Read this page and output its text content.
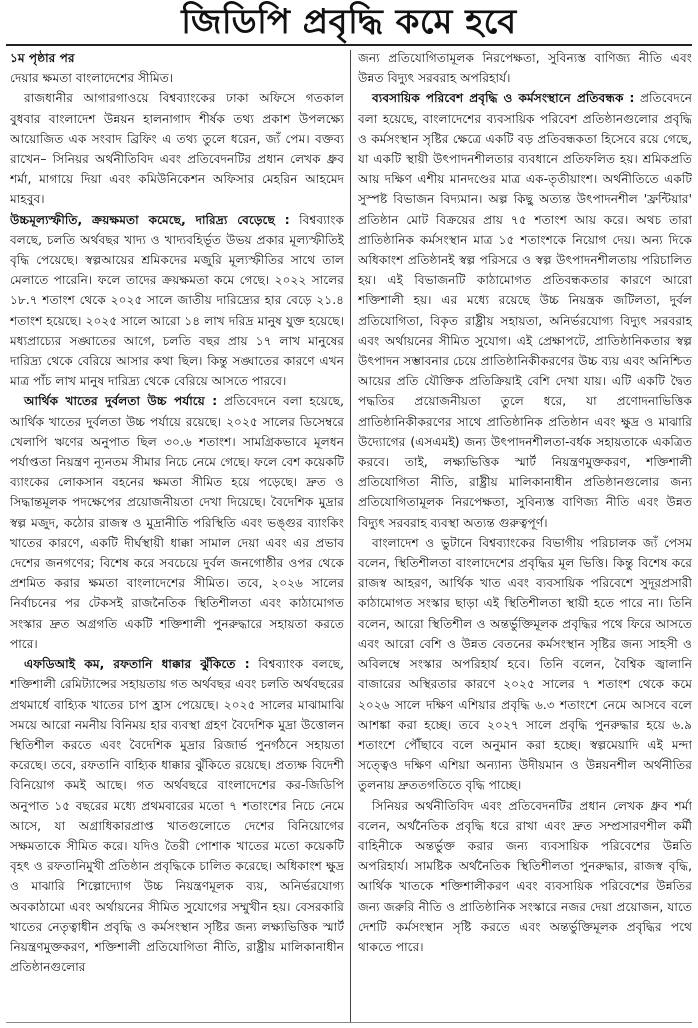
জিডিপি প্রবৃদ্ধি কমে হবে

১ম পৃষ্ঠার পর
দেয়ার ক্ষমতা বাংলাদেশের সীমিত।

রাজধানীর আগারগাওয়ে বিশ্বব্যাংকের ঢাকা অফিসে গতকাল বুধবার বাংলাদেশ উন্নয়ন হালনাগাদ শীর্ষক তথ্য প্রকাশ উপলক্ষ্যে আয়োজিত এক সংবাদ ব্রিফিং এ তথ্য তুলে ধরেন, জ্যঁ পেম। বক্তব্য রাখেন– সিনিয়র অর্থনীতিবিদ এবং প্রতিবেদনটির প্রধান লেখক ধ্রুব শর্মা, মাগায়ে দিয়া এবং কমিউনিকেশন অফিসার মেহরিন আহমেদ মাহবুব।

উচ্চমূল্যস্ফীতি, ক্রয়ক্ষমতা কমেছে, দারিদ্র্য বেড়েছে : বিশ্বব্যাংক বলছে, চলতি অর্থবছর খাদ্য ও খাদ্যবহির্ভূত উভয় প্রকার মূল্যস্ফীতিই বৃদ্ধি পেয়েছে। স্বল্পআয়ের শ্রমিকদের মজুরি মূল্যস্ফীতির সাথে তাল মেলাতে পারেনি। ফলে তাদের ক্রয়ক্ষমতা কমে গেছে। ২০২২ সালের ১৮.৭ শতাংশ থেকে ২০২৫ সালে জাতীয় দারিদ্র্যের হার বেড়ে ২১.৪ শতাংশ হয়েছে। ২০২৫ সালে আরো ১৪ লাখ দরিদ্র মানুষ যুক্ত হয়েছে। মধ্যপ্রাচ্যের সঙ্ঘাতের আগে, চলতি বছর প্রায় ১৭ লাখ মানুষের দারিদ্র্য থেকে বেরিয়ে আসার কথা ছিল। কিন্তু সঙ্ঘাতের কারণে এখন মাত্র পাঁচ লাখ মানুষ দারিদ্র্য থেকে বেরিয়ে আসতে পারবে।

আর্থিক খাতের দুর্বলতা উচ্চ পর্যায়ে : প্রতিবেদনে বলা হয়েছে, আর্থিক খাতের দুর্বলতা উচ্চ পর্যায়ে রয়েছে। ২০২৫ সালের ডিসেম্বরে খেলাপি ঋণের অনুপাত ছিল ৩০.৬ শতাংশ। সামগ্রিকভাবে মূলধন পর্যাপ্ততা নিয়ন্ত্রণ ন্যূনতম সীমার নিচে নেমে গেছে। ফলে বেশ কয়েকটি ব্যাংকের লোকসান বহনের ক্ষমতা সীমিত হয়ে পড়েছে। দ্রুত ও সিদ্ধান্তমূলক পদক্ষেপের প্রয়োজনীয়তা দেখা দিয়েছে। বৈদেশিক মুদ্রার স্বল্প মজুদ, কঠোর রাজস্ব ও মুদ্রানীতি পরিস্থিতি এবং ভঙ্গুর ব্যাংকিং খাতের কারণে, একটি দীর্ঘস্থায়ী ধাক্কা সামাল দেয়া এবং এর প্রভাব দেশের জনগণের; বিশেষ করে সবচেয়ে দুর্বল জনগোষ্ঠীর ওপর থেকে প্রশমিত করার ক্ষমতা বাংলাদেশের সীমিত। তবে, ২০২৬ সালের নির্বাচনের পর টেকসই রাজনৈতিক স্থিতিশীলতা এবং কাঠামোগত সংস্কার দ্রুত অগ্রগতি একটি শক্তিশালী পুনরুদ্ধারে সহায়তা করতে পারে।

এফডিআই কম, রফতানি ধাক্কার ঝুঁকিতে : বিশ্বব্যাংক বলছে, শক্তিশালী রেমিট্যান্সের সহায়তায় গত অর্থবছর এবং চলতি অর্থবছরের প্রথমার্ধে বাহ্যিক খাতের চাপ হ্রাস পেয়েছে। ২০২৫ সালের মাঝামাঝি সময়ে আরো নমনীয় বিনিময় হার ব্যবস্থা গ্রহণ বৈদেশিক মুদ্রা উত্তোলন স্থিতিশীল করতে এবং বৈদেশিক মুদ্রার রিজার্ভ পুনর্গঠনে সহায়তা করেছে। তবে, রফতানি বাহ্যিক ধাক্কার ঝুঁকিতে রয়েছে। প্রত্যক্ষ বিদেশী বিনিয়োগ কমই আছে। গত অর্থবছরে বাংলাদেশের কর-জিডিপি অনুপাত ১৫ বছরের মধ্যে প্রথমবারের মতো ৭ শতাংশের নিচে নেমে আসে, যা অগ্রাধিকারপ্রাপ্ত খাতগুলোতে দেশের বিনিয়োগের সক্ষমতাকে সীমিত করে। যদিও তৈরী পোশাক খাতের মতো কয়েকটি বৃহৎ ও রফতানিমুখী প্রতিষ্ঠান প্রবৃদ্ধিকে চালিত করেছে। অধিকাংশ ক্ষুদ্র ও মাঝারি শিল্পোদ্যোগ উচ্চ নিয়ন্ত্রণমূলক ব্যয়, অনির্ভরযোগ্য অবকাঠামো এবং অর্থায়নের সীমিত সুযোগের সম্মুখীন হয়। বেসরকারি খাতের নেতৃত্বাধীন প্রবৃদ্ধি ও কর্মসংস্থান সৃষ্টির জন্য লক্ষ্যভিত্তিক স্মার্ট নিয়ন্ত্রণমুক্তকরণ, শক্তিশালী প্রতিযোগিতা নীতি, রাষ্ট্রীয় মালিকানাধীন প্রতিষ্ঠানগুলোর

জন্য প্রতিযোগিতামূলক নিরপেক্ষতা, সুবিন্যস্ত বাণিজ্য নীতি এবং উন্নত বিদ্যুৎ সরবরাহ অপরিহার্য।

ব্যবসায়িক পরিবেশ প্রবৃদ্ধি ও কর্মসংস্থানে প্রতিবন্ধক : প্রতিবেদনে বলা হয়েছে, বাংলাদেশের ব্যবসায়িক পরিবেশ প্রতিষ্ঠানগুলোর প্রবৃদ্ধি ও কর্মসংস্থান সৃষ্টির ক্ষেত্রে একটি বড় প্রতিবন্ধকতা হিসেবে রয়ে গেছে, যা একটি স্থায়ী উৎপাদনশীলতার ব্যবধানে প্রতিফলিত হয়। শ্রমিকপ্রতি আয় দক্ষিণ এশীয় মানদণ্ডের মাত্র এক-তৃতীয়াংশ। অর্থনীতিতে একটি সুস্পষ্ট বিভাজন বিদ্যমান। অল্প কিছু অত্যন্ত উৎপাদনশীল 'ফ্রন্টিয়ার' প্রতিষ্ঠান মোট বিক্রয়ের প্রায় ৭৫ শতাংশ আয় করে। অথচ তারা প্রাতিষ্ঠানিক কর্মসংস্থান মাত্র ১৫ শতাংশকে নিয়োগ দেয়। অন্য দিকে অধিকাংশ প্রতিষ্ঠানই স্বল্প পরিসরে ও স্বল্প উৎপাদনশীলতায় পরিচালিত হয়। এই বিভাজনটি কাঠামোগত প্রতিবন্ধকতার কারণে আরো শক্তিশালী হয়। এর মধ্যে রয়েছে উচ্চ নিয়ন্ত্রক জটিলতা, দুর্বল প্রতিযোগিতা, বিকৃত রাষ্ট্রীয় সহায়তা, অনির্ভরযোগ্য বিদ্যুৎ সরবরাহ এবং অর্থায়নের সীমিত সুযোগ। এই প্রেক্ষাপটে, প্রাতিষ্ঠানিকতার স্বল্প উৎপাদন সম্ভাবনার চেয়ে প্রাতিষ্ঠানিকীকরণের উচ্চ ব্যয় এবং অনিশ্চিত আয়ের প্রতি যৌক্তিক প্রতিক্রিয়াই বেশি দেখা যায়। এটি একটি দ্বৈত পদ্ধতির প্রয়োজনীয়তা তুলে ধরে, যা প্রণোদনাভিত্তিক প্রাতিষ্ঠানিকীকরণের সাথে প্রাতিষ্ঠানিক প্রতিষ্ঠান এবং ক্ষুদ্র ও মাঝারি উদ্যোগের (এসএমই) জন্য উৎপাদনশীলতা-বর্ধক সহায়তাকে একত্রিত করবে। তাই, লক্ষ্যভিত্তিক স্মার্ট নিয়ন্ত্রণমুক্তকরণ, শক্তিশালী প্রতিযোগিতা নীতি, রাষ্ট্রীয় মালিকানাধীন প্রতিষ্ঠানগুলোর জন্য প্রতিযোগিতামূলক নিরপেক্ষতা, সুবিন্যস্ত বাণিজ্য নীতি এবং উন্নত বিদ্যুৎ সরবরাহ ব্যবস্থা অত্যন্ত গুরুত্বপূর্ণ।

বাংলাদেশ ও ভুটানে বিশ্বব্যাংকের বিভাগীয় পরিচালক জ্যঁ পেসম বলেন, স্থিতিশীলতা বাংলাদেশের প্রবৃদ্ধির মূল ভিত্তি। কিন্তু বিশেষ করে রাজস্ব আহরণ, আর্থিক খাত এবং ব্যবসায়িক পরিবেশে সুদূরপ্রসারী কাঠামোগত সংস্কার ছাড়া এই স্থিতিশীলতা স্থায়ী হতে পারে না। তিনি বলেন, আরো স্থিতিশীল ও অন্তর্ভুক্তিমূলক প্রবৃদ্ধির পথে ফিরে আসতে এবং আরো বেশি ও উন্নত বেতনের কর্মসংস্থান সৃষ্টির জন্য সাহসী ও অবিলম্বে সংস্কার অপরিহার্য হবে। তিনি বলেন, বৈশ্বিক জ্বালানি বাজারের অস্থিরতার কারণে ২০২৫ সালের ৭ শতাংশ থেকে কমে ২০২৬ সালে দক্ষিণ এশিয়ার প্রবৃদ্ধি ৬.৩ শতাংশে নেমে আসবে বলে আশঙ্কা করা হচ্ছে। তবে ২০২৭ সালে প্রবৃদ্ধি পুনরুদ্ধার হয়ে ৬.৯ শতাংশে পৌঁছাবে বলে অনুমান করা হচ্ছে। স্বল্পমেয়াদি এই মন্দা সত্ত্বেও দক্ষিণ এশিয়া অন্যান্য উদীয়মান ও উন্নয়নশীল অর্থনীতির তুলনায় দ্রুততগতিতে বৃদ্ধি পাচ্ছে।

সিনিয়র অর্থনীতিবিদ এবং প্রতিবেদনটির প্রধান লেখক ধ্রুব শর্মা বলেন, অর্থনৈতিক প্রবৃদ্ধি ধরে রাখা এবং দ্রুত সম্প্রসারণশীল কর্মী বাহিনীকে অন্তর্ভুক্ত করার জন্য ব্যবসায়িক পরিবেশের উন্নতি অপরিহার্য। সামষ্টিক অর্থনৈতিক স্থিতিশীলতা পুনরুদ্ধার, রাজস্ব বৃদ্ধি, আর্থিক খাতকে শক্তিশালীকরণ এবং ব্যবসায়িক পরিবেশের উন্নতির জন্য জরুরি নীতি ও প্রাতিষ্ঠানিক সংস্কারে নজর দেয়া প্রয়োজন, যাতে দেশটি কর্মসংস্থান সৃষ্টি করতে এবং অন্তর্ভুক্তিমূলক প্রবৃদ্ধির পথে থাকতে পারে।
